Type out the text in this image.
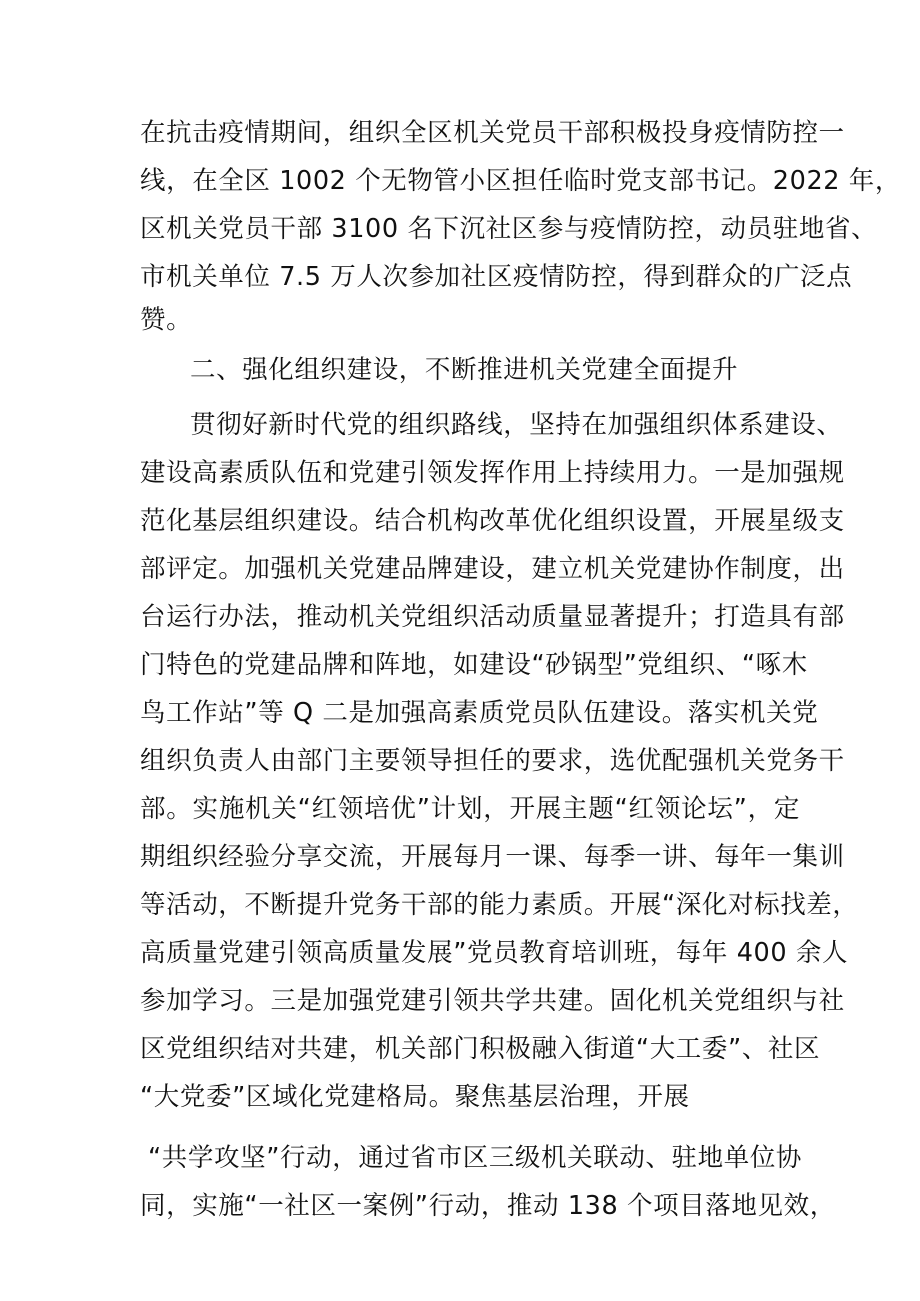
在抗击疫情期间，组织全区机关党员干部积极投身疫情防控一
线，在全区 1002 个无物管小区担任临时党支部书记。2022 年，
区机关党员干部 3100 名下沉社区参与疫情防控，动员驻地省、
市机关单位 7.5 万人次参加社区疫情防控，得到群众的广泛点
赞。
二、强化组织建设，不断推进机关党建全面提升
贯彻好新时代党的组织路线，坚持在加强组织体系建设、
建设高素质队伍和党建引领发挥作用上持续用力。一是加强规
范化基层组织建设。结合机构改革优化组织设置，开展星级支
部评定。加强机关党建品牌建设，建立机关党建协作制度，出
台运行办法，推动机关党组织活动质量显著提升；打造具有部
门特色的党建品牌和阵地，如建设“砂锅型”党组织、“啄木
鸟工作站”等 Q 二是加强高素质党员队伍建设。落实机关党
组织负责人由部门主要领导担任的要求，选优配强机关党务干
部。实施机关“红领培优”计划，开展主题“红领论坛”，定
期组织经验分享交流，开展每月一课、每季一讲、每年一集训
等活动，不断提升党务干部的能力素质。开展“深化对标找差，
高质量党建引领高质量发展”党员教育培训班，每年 400 余人
参加学习。三是加强党建引领共学共建。固化机关党组织与社
区党组织结对共建，机关部门积极融入街道“大工委”、社区
“大党委”区域化党建格局。聚焦基层治理，开展
“共学攻坚”行动，通过省市区三级机关联动、驻地单位协
同，实施“一社区一案例”行动，推动 138 个项目落地见效，
